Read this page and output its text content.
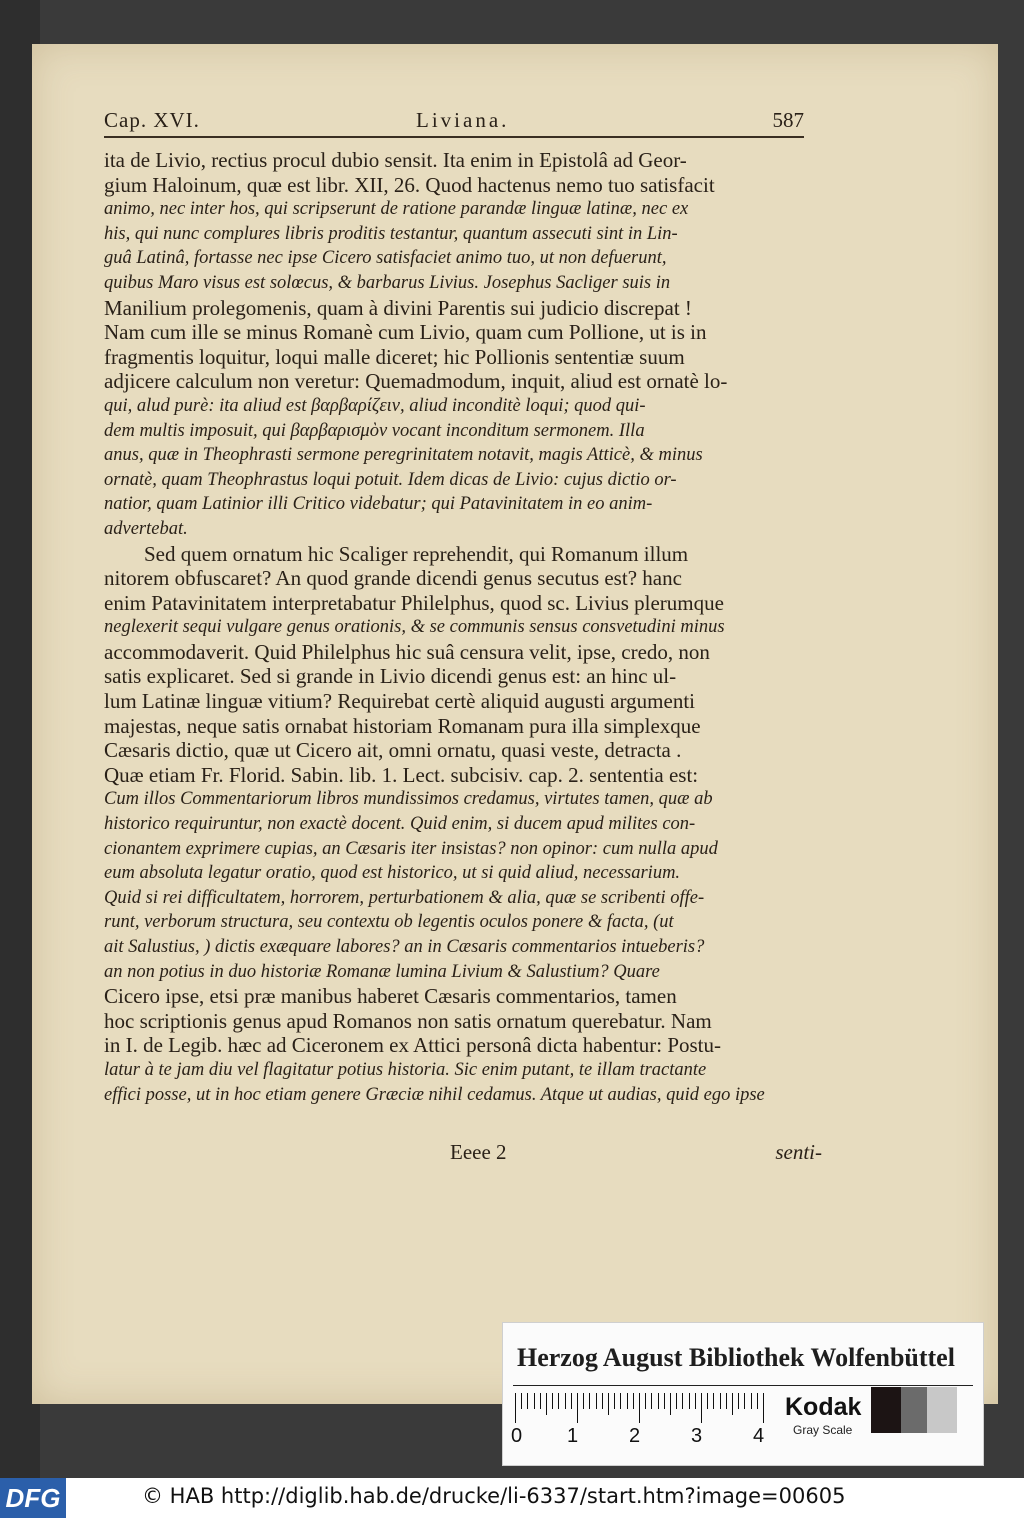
Cap. XVI.	Liviana.	587
ita de Livio, rectius procul dubio sensit. Ita enim in Epistolâ ad Geor-
gium Haloinum, quæ est libr. XII, 26. Quod hactenus nemo tuo satisfacit
animo, nec inter hos, qui scripserunt de ratione parandæ linguæ latinæ, nec ex
his, qui nunc complures libris proditis testantur, quantum assecuti sint in Lin-
guâ Latinâ, fortasse nec ipse Cicero satisfaciet animo tuo, ut non defuerunt,
quibus Maro visus est solœcus, & barbarus Livius. Josephus Sacliger suis in
Manilium prolegomenis, quam à divini Parentis sui judicio discrepat !
Nam cum ille se minus Romanè cum Livio, quam cum Pollione, ut is in
fragmentis loquitur, loqui malle diceret; hic Pollionis sententiæ suum
adjicere calculum non veretur: Quemadmodum, inquit, aliud est ornatè lo-
qui, alud purè: ita aliud est βαρβαρίζειν, aliud inconditè loqui; quod qui-
dem multis imposuit, qui βαρβαρισμὸν vocant inconditum sermonem. Illa
anus, quæ in Theophrasti sermone peregrinitatem notavit, magis Atticè, & minus
ornatè, quam Theophrastus loqui potuit. Idem dicas de Livio: cujus dictio or-
natior, quam Latinior illi Critico videbatur; qui Patavinitatem in eo anim-
advertebat.
Sed quem ornatum hic Scaliger reprehendit, qui Romanum illum
nitorem obfuscaret? An quod grande dicendi genus secutus est? hanc
enim Patavinitatem interpretabatur Philelphus, quod sc. Livius plerumque
neglexerit sequi vulgare genus orationis, & se communis sensus consvetudini minus
accommodaverit. Quid Philelphus hic suâ censura velit, ipse, credo, non
satis explicaret. Sed si grande in Livio dicendi genus est: an hinc ul-
lum Latinæ linguæ vitium? Requirebat certè aliquid augusti argumenti
majestas, neque satis ornabat historiam Romanam pura illa simplexque
Cæsaris dictio, quæ ut Cicero ait, omni ornatu, quasi veste, detracta .
Quæ etiam Fr. Florid. Sabin. lib. 1. Lect. subcisiv. cap. 2. sententia est:
Cum illos Commentariorum libros mundissimos credamus, virtutes tamen, quæ ab
historico requiruntur, non exactè docent. Quid enim, si ducem apud milites con-
cionantem exprimere cupias, an Cæsaris iter insistas? non opinor: cum nulla apud
eum absoluta legatur oratio, quod est historico, ut si quid aliud, necessarium.
Quid si rei difficultatem, horrorem, perturbationem & alia, quæ se scribenti offe-
runt, verborum structura, seu contextu ob legentis oculos ponere & facta, (ut
ait Salustius, ) dictis exæquare labores? an in Cæsaris commentarios intueberis?
an non potius in duo historiæ Romanæ lumina Livium & Salustium? Quare
Cicero ipse, etsi præ manibus haberet Cæsaris commentarios, tamen
hoc scriptionis genus apud Romanos non satis ornatum querebatur. Nam
in I. de Legib. hæc ad Ciceronem ex Attici personâ dicta habentur: Postu-
latur à te jam diu vel flagitatur potius historia. Sic enim putant, te illam tractante
effici posse, ut in hoc etiam genere Græciæ nihil cedamus. Atque ut audias, quid ego ipse
Eeee 2	senti-
Herzog August Bibliothek Wolfenbüttel
0 1	2	3	4
Kodak
Gray Scale
DFG	© HAB http://diglib.hab.de/drucke/li-6337/start.htm?image=00605
